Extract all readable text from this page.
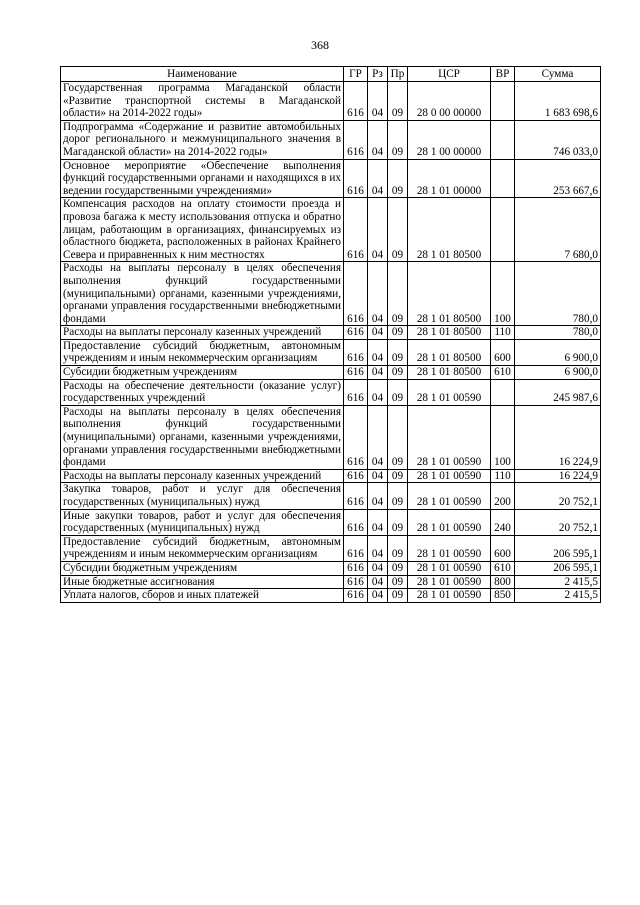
368
Наименование	ГР	Рз	Пр	ЦСР	ВР	Сумма
Государственная программа Магаданской области «Развитие транспортной системы в Магаданской области» на 2014-2022 годы»	616	04	09	28 0 00 00000		1 683 698,6
Подпрограмма «Содержание и развитие автомобильных дорог регионального и межмуниципального значения в Магаданской области» на 2014-2022 годы»	616	04	09	28 1 00 00000		746 033,0
Основное мероприятие «Обеспечение выполнения функций государственными органами и находящихся в их ведении государственными учреждениями»	616	04	09	28 1 01 00000		253 667,6
Компенсация расходов на оплату стоимости проезда и провоза багажа к месту использования отпуска и обратно лицам, работающим в организациях, финансируемых из областного бюджета, расположенных в районах Крайнего Севера и приравненных к ним местностях	616	04	09	28 1 01 80500		7 680,0
Расходы на выплаты персоналу в целях обеспечения выполнения функций государственными (муниципальными) органами, казенными учреждениями, органами управления государственными внебюджетными фондами	616	04	09	28 1 01 80500	100	780,0
Расходы на выплаты персоналу казенных учреждений	616	04	09	28 1 01 80500	110	780,0
Предоставление субсидий бюджетным, автономным учреждениям и иным некоммерческим организациям	616	04	09	28 1 01 80500	600	6 900,0
Субсидии бюджетным учреждениям	616	04	09	28 1 01 80500	610	6 900,0
Расходы на обеспечение деятельности (оказание услуг) государственных учреждений	616	04	09	28 1 01 00590		245 987,6
Расходы на выплаты персоналу в целях обеспечения выполнения функций государственными (муниципальными) органами, казенными учреждениями, органами управления государственными внебюджетными фондами	616	04	09	28 1 01 00590	100	16 224,9
Расходы на выплаты персоналу казенных учреждений	616	04	09	28 1 01 00590	110	16 224,9
Закупка товаров, работ и услуг для обеспечения государственных (муниципальных) нужд	616	04	09	28 1 01 00590	200	20 752,1
Иные закупки товаров, работ и услуг для обеспечения государственных (муниципальных) нужд	616	04	09	28 1 01 00590	240	20 752,1
Предоставление субсидий бюджетным, автономным учреждениям и иным некоммерческим организациям	616	04	09	28 1 01 00590	600	206 595,1
Субсидии бюджетным учреждениям	616	04	09	28 1 01 00590	610	206 595,1
Иные бюджетные ассигнования	616	04	09	28 1 01 00590	800	2 415,5
Уплата налогов, сборов и иных платежей	616	04	09	28 1 01 00590	850	2 415,5
